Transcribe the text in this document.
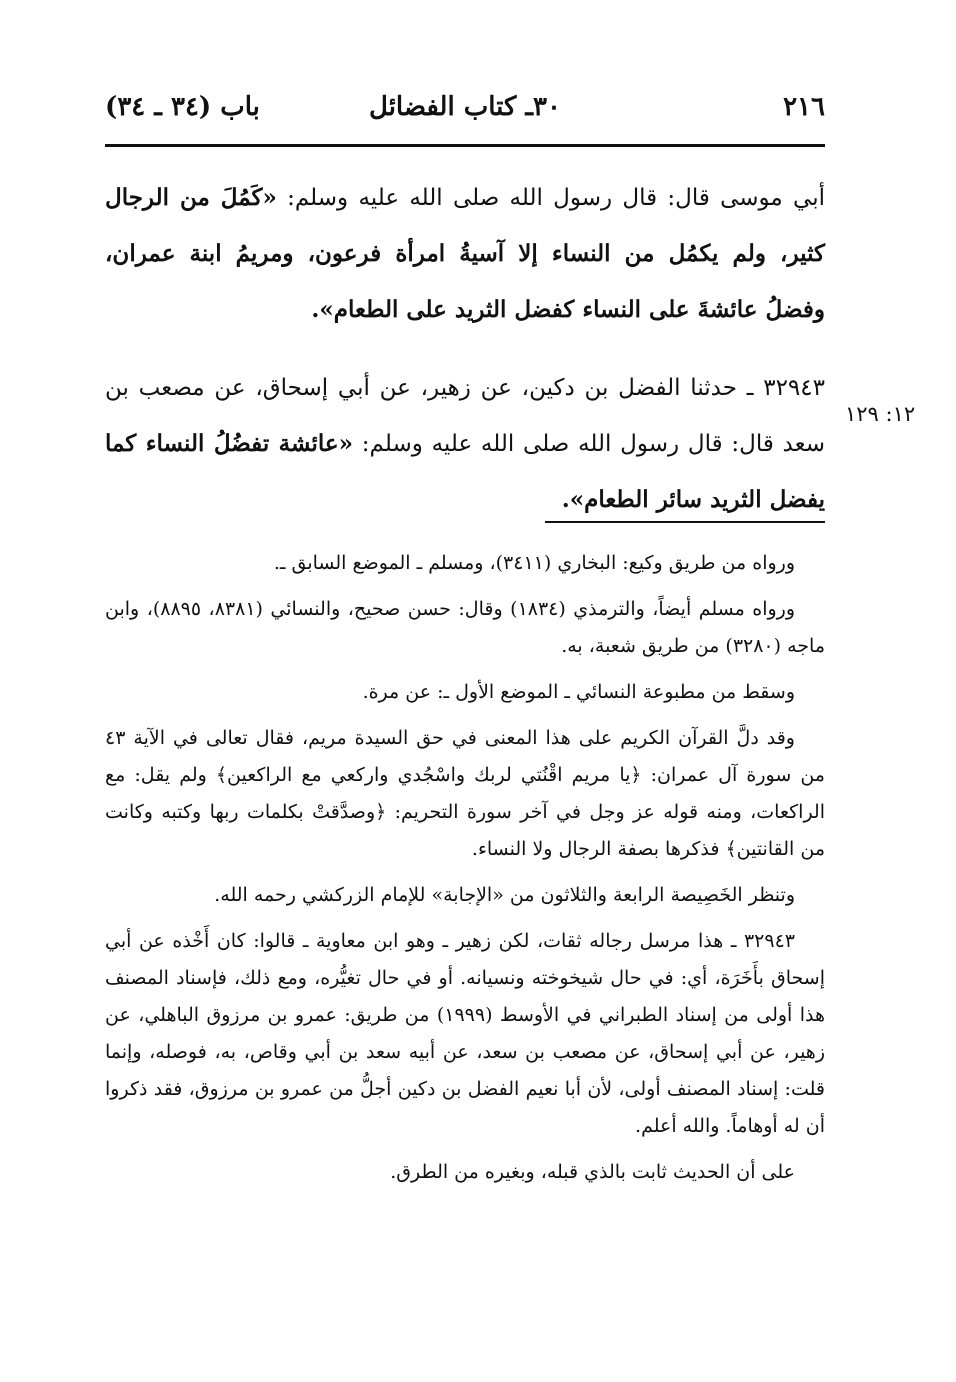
٢١٦
٣٠ـ كتاب الفضائل
باب (٣٤ ـ ٣٤)

أبي موسى قال: قال رسول الله صلى الله عليه وسلم: «كَمُلَ من الرجال كثير، ولم يكمُل من النساء إلا آسيةُ امرأة فرعون، ومريمُ ابنة عمران، وفضلُ عائشةَ على النساء كفضل الثريد على الطعام».

٣٢٩٤٣ ـ حدثنا الفضل بن دكين، عن زهير، عن أبي إسحاق، عن مصعب بن سعد قال: قال رسول الله صلى الله عليه وسلم: «عائشة تفضُلُ النساء كما يفضل الثريد سائر الطعام».

١٢: ١٢٩

ورواه من طريق وكيع: البخاري (٣٤١١)، ومسلم ـ الموضع السابق ـ.

ورواه مسلم أيضاً، والترمذي (١٨٣٤) وقال: حسن صحيح، والنسائي (٨٣٨١، ٨٨٩٥)، وابن ماجه (٣٢٨٠) من طريق شعبة، به.

وسقط من مطبوعة النسائي ـ الموضع الأول ـ: عن مرة.

وقد دلَّ القرآن الكريم على هذا المعنى في حق السيدة مريم، فقال تعالى في الآية ٤٣ من سورة آل عمران: ﴿يا مريم اقْنُتي لربك واسْجُدي واركعي مع الراكعين﴾ ولم يقل: مع الراكعات، ومنه قوله عز وجل في آخر سورة التحريم: ﴿وصدَّقتْ بكلمات ربها وكتبه وكانت من القانتين﴾ فذكرها بصفة الرجال ولا النساء.

وتنظر الخَصِيصة الرابعة والثلاثون من «الإجابة» للإمام الزركشي رحمه الله.

٣٢٩٤٣ ـ هذا مرسل رجاله ثقات، لكن زهير ـ وهو ابن معاوية ـ قالوا: كان أَخْذه عن أبي إسحاق بأَخَرَة، أي: في حال شيخوخته ونسيانه. أو في حال تغيُّره، ومع ذلك، فإسناد المصنف هذا أولى من إسناد الطبراني في الأوسط (١٩٩٩) من طريق: عمرو بن مرزوق الباهلي، عن زهير، عن أبي إسحاق، عن مصعب بن سعد، عن أبيه سعد بن أبي وقاص، به، فوصله، وإنما قلت: إسناد المصنف أولى، لأن أبا نعيم الفضل بن دكين أجلُّ من عمرو بن مرزوق، فقد ذكروا أن له أوهاماً. والله أعلم.

على أن الحديث ثابت بالذي قبله، وبغيره من الطرق.
